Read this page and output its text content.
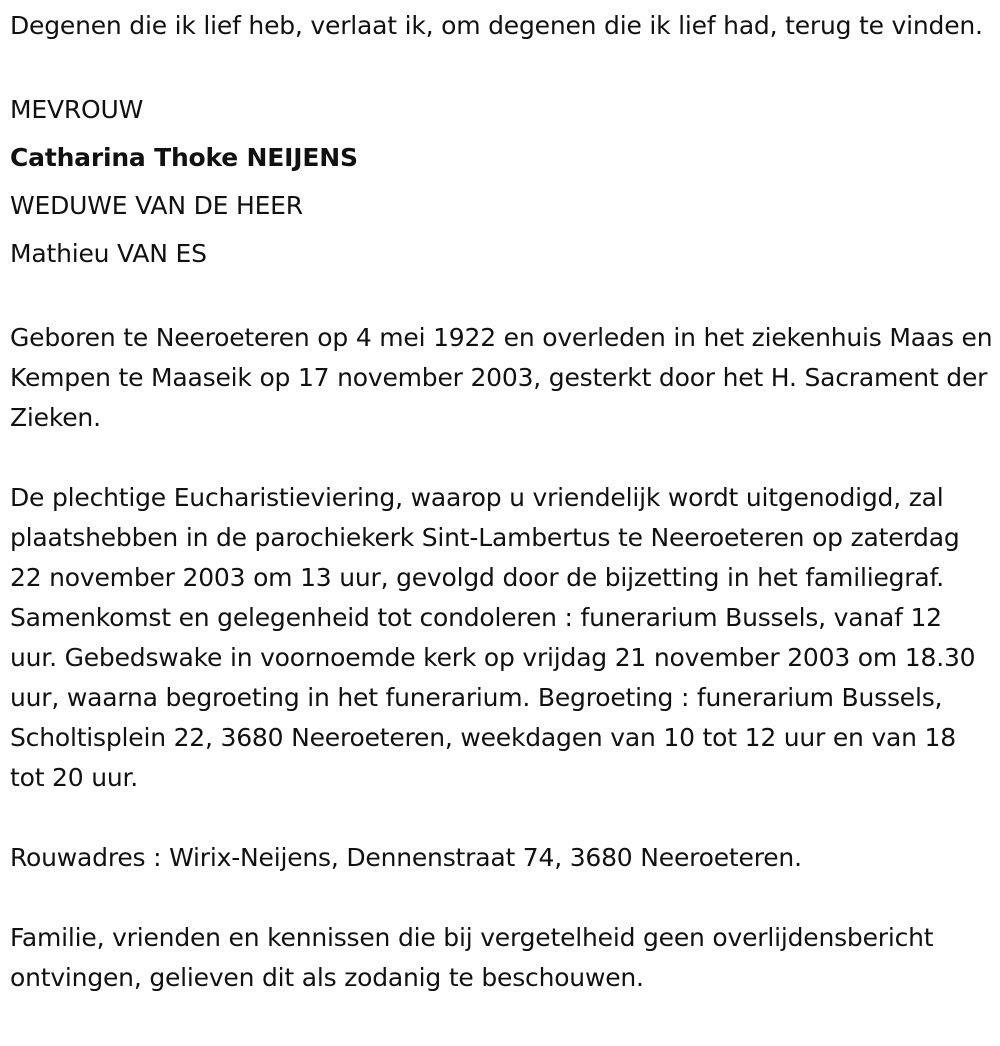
Degenen die ik lief heb, verlaat ik, om degenen die ik lief had, terug te vinden.

MEVROUW

Catharina Thoke NEIJENS

WEDUWE VAN DE HEER

Mathieu VAN ES

Geboren te Neeroeteren op 4 mei 1922 en overleden in het ziekenhuis Maas en Kempen te Maaseik op 17 november 2003, gesterkt door het H. Sacrament der Zieken.

De plechtige Eucharistieviering, waarop u vriendelijk wordt uitgenodigd, zal plaatshebben in de parochiekerk Sint-Lambertus te Neeroeteren op zaterdag 22 november 2003 om 13 uur, gevolgd door de bijzetting in het familiegraf. Samenkomst en gelegenheid tot condoleren : funerarium Bussels, vanaf 12 uur. Gebedswake in voornoemde kerk op vrijdag 21 november 2003 om 18.30 uur, waarna begroeting in het funerarium. Begroeting : funerarium Bussels, Scholtisplein 22, 3680 Neeroeteren, weekdagen van 10 tot 12 uur en van 18 tot 20 uur.

Rouwadres : Wirix-Neijens, Dennenstraat 74, 3680 Neeroeteren.

Familie, vrienden en kennissen die bij vergetelheid geen overlijdensbericht ontvingen, gelieven dit als zodanig te beschouwen.
